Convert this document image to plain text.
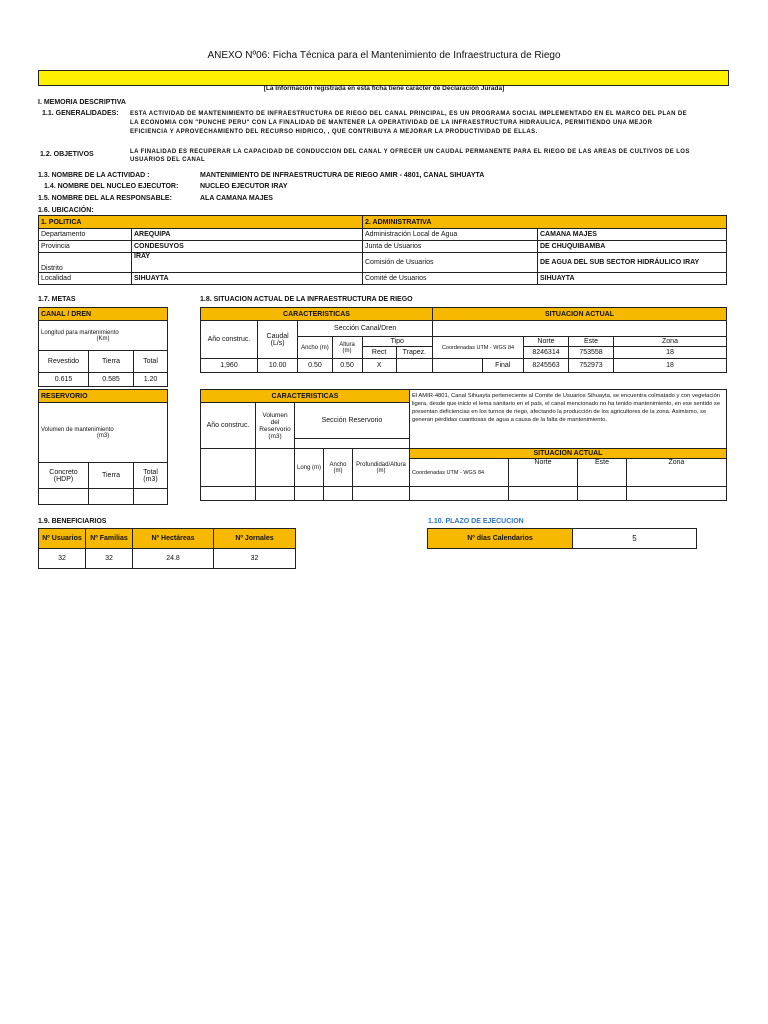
ANEXO Nº06: Ficha Técnica para el Mantenimiento de Infraestructura de Riego
[La Información registrada en esta ficha tiene carácter de Declaración Jurada]
I. MEMORIA DESCRIPTIVA
1.1. GENERALIDADES: ESTA ACTIVIDAD DE MANTENIMIENTO DE INFRAESTRUCTURA DE RIEGO DEL CANAL PRINCIPAL, ES UN PROGRAMA SOCIAL IMPLEMENTADO EN EL MARCO DEL PLAN DE LA ECONOMIA CON "PUNCHE PERU" CON LA FINALIDAD DE MANTENER LA OPERATIVIDAD DE LA INFRAESTRUCTURA HIDRAULICA, PERMITIENDO UNA MEJOR EFICIENCIA Y APROVECHAMIENTO DEL RECURSO HIDRICO, , QUE CONTRIBUYA A MEJORAR LA PRODUCTIVIDAD DE ELLAS.
1.2. OBJETIVOS	LA FINALIDAD ES RECUPERAR LA CAPACIDAD DE CONDUCCION DEL CANAL Y OFRECER UN CAUDAL PERMANENTE PARA EL RIEGO DE LAS AREAS DE CULTIVOS DE LOS USUARIOS DEL CANAL
1.3. NOMBRE DE LA ACTIVIDAD :	MANTENIMIENTO DE INFRAESTRUCTURA DE RIEGO AMIR - 4801, CANAL SIHUAYTA
1.4. NOMBRE DEL NUCLEO EJECUTOR:	NUCLEO EJECUTOR IRAY
1.5. NOMBRE DEL ALA RESPONSABLE:	ALA CAMANA MAJES
1.6. UBICACIÓN:
1. POLITICA		2. ADMINISTRATIVA	
Departamento	AREQUIPA	Administración Local de Agua	CAMANA MAJES
Provincia	CONDESUYOS	Junta de Usuarios	DE CHUQUIBAMBA
Distrito	IRAY	Comisión de Usuarios	DE AGUA DEL SUB SECTOR HIDRÁULICO IRAY
Localidad	SIHUAYTA	Comité de Usuarios	SIHUAYTA
1.7. METAS	1.8. SITUACION ACTUAL DE LA INFRAESTRUCTURA DE RIEGO
CANAL / DREN		

Longitud para mantenimiento
(Km)		

Revestido	Tierra	Total
0.615	0.585	1.20
CARACTERISTICAS						SITUACION ACTUAL				
Año construc.	Caudal (L/s)	Sección Canal/Dren								
		Ancho (m)	Altura (m)	Tipo		Coordenadas UTM - WGS 84		Norte	Este	Zona
				Rect	Trapez.			8246314	753558	18
1,960	10.00	0.50	0.50	X			Final	8245563	752973	18
RESERVORIO		

Volumen de mantenimiento
(m3)		

Concreto (HDP)	Tierra	Total (m3)

CARACTERISTICAS					El AMIR-4801, Canal Sihuayta perteneciente al Comite de Usuarios Sihuayta, se encuentra colmatado y con vegetación ligera, desde que inicio el lema sanitario en el país, el canal mencionado no ha tenido mantenimiento, en ese sentido se presentan deficiencias en los turnos de riego, afectando la producción de los agricultores de la zona. Asimismo, se generan pérdidas cuantiosas de agua a causa de la falta de mantenimiento.			
Año construc.	Volumen del Reservorio (m3)	Sección Reservorio						

		Long (m)	Ancho (m)	Profundidad/Altura (m)	SITUACION ACTUAL			
					Coordenadas UTM - WGS 84	Norte	Este	Zona

1.9. BENEFICIARIOS
Nº Usuarios	Nº Familias	Nº Hectáreas	Nº Jornales
32	32	24.8	32
1.10. PLAZO DE EJECUCION
Nº días Calendarios	5
